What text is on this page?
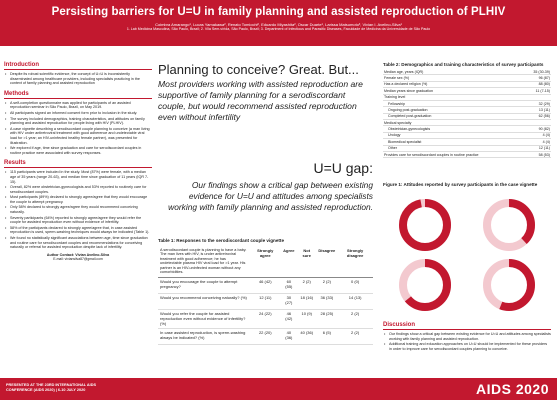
Persisting barriers for U=U in family planning and assisted reproduction of PLHIV
Coimbra Amarango¹, Lucas Yamakawa², Renato Tomiochi², Eduardo Miyashita², Oscar Duarte¹, Larissa Matsumoto³, Vivian I. Avelino-Silva¹
1. Lab Medicina Masculina, São Paulo, Brazil; 2. Vila Sem-vírida, São Paulo, Brazil; 3. Department of Infectious and Parasitic Diseases, Faculdade de Medicina da Universidade de São Paulo
Introduction
• Despite its robust scientific evidence, the concept of U=U is inconsistently disseminated among healthcare providers, including specialists practicing in the context of family planning and assisted reproduction
Methods
• A self-completion questionnaire was applied for participants of an assisted reproduction seminar in São Paulo, Brazil, on May 2019.
• All participants signed an informed consent form prior to inclusion in the study.
• The survey included demographics, training characteristics, and attitudes on family planning and assisted reproduction for people living with HIV (PLHIV).
• A case vignette describing a serodiscordant couple planning to conceive (a man living with HIV under antiretroviral treatment with good adherence and undetectable viral load for >1 year; an HIV-uninfected healthy female partner), was presented for illustration.
• We explored if age, time since graduation and care for serodiscordant couples in routine practice were associated with survey responses.
Results
• 115 participants were included in the study. Most (87%) were female, with a median age of 35 years (range 20-63), and median time since graduation of 11 years (IQR 7-15).
• Overall, 82% were obstetrician-gynecologists and 53% reported to routinely care for serodiscordant couples.
• Most participants (89%) declared to strongly agree/agree that they would encourage the couple to attempt pregnancy.
• Only 58% declared to strongly agree/agree they would recommend conceiving naturally.
• Seventy participants (64%) reported to strongly agree/agree they would refer the couple for assisted reproduction even without evidence of infertility.
• 58% of the participants declared to strongly agree/agree that, in case assisted reproduction is used, sperm-washing techniques would always be indicated (Table 1).
• We found no statistically significant associations between age, time since graduation and routine care for serodiscordant couples and recommendations for conceiving naturally or referral for assisted reproduction despite lack of infertility.
Author Contact: Vivian Avelino-Silva
E-mail: viviansilva87@gmail.com
Planning to conceive? Great. But...
Most providers working with assisted reproduction are supportive of family planning for a serodiscordant couple, but would recommend assisted reproduction even without infertility
U=U gap:
Our findings show a critical gap between existing evidence for U=U and attitudes among specialists working with family planning and assisted reproduction.
Table 1: Responses to the serodiscordant couple vignette
A serodiscordant couple is planning to have a baby. The man lives with HIV, is under antiretroviral treatment with good adherence; he has undetectable plasma HIV viral load for >1 year. His partner is an HIV-uninfected woman without any comorbidities.	Strongly agree	Agree	Not sure	Disagree	Strongly disagree
Would you encourage the couple to attempt pregnancy?	46 (42)	60 (55)	2 (2)	2 (2)	0 (0)
Would you recommend conceiving naturally? (%)	12 (11)	30 (27)	18 (16)	36 (33)	14 (13)
Would you refer the couple for assisted reproduction even without evidence of infertility? (%)	24 (22)	46 (42)	10 (9)	28 (25)	2 (2)
In case assisted reproduction, is sperm-washing always be indicated? (%)	22 (20)	40 (36)	40 (36)	6 (5)	2 (2)
Table 2: Demographics and training characteristics of survey participants
Median age, years (IQR)	35 (30-39)
Female sex (%)	96 (87)
Has a declared religion (%)	88 (80)
Median years since graduation	11 (7-15)
Training level	
Fellowship	32 (29)
Ongoing post-graduation	13 (11)
Completed post-graduation	62 (56)
Medical specialty	
Obstetrician-gynecologists	90 (82)
Urology	4 (4)
Biomedical specialist	4 (4)
Other	12 (11)
Provides care for serodiscordant couples in routine practice	58 (53)
Figure 1: Attitudes reported by survey participants in the case vignette
Discussion
• Our findings show a critical gap between existing evidence for U=U and attitudes among specialists working with family planning and assisted reproduction.
• Additional training and education approaches on U=U should be implemented for these providers in order to improve care for serodiscordant couples planning to conceive.
PRESENTED AT THE 23RD INTERNATIONAL AIDS CONFERENCE (AIDS 2020) | 6-10 JULY 2020	AIDS 2020
